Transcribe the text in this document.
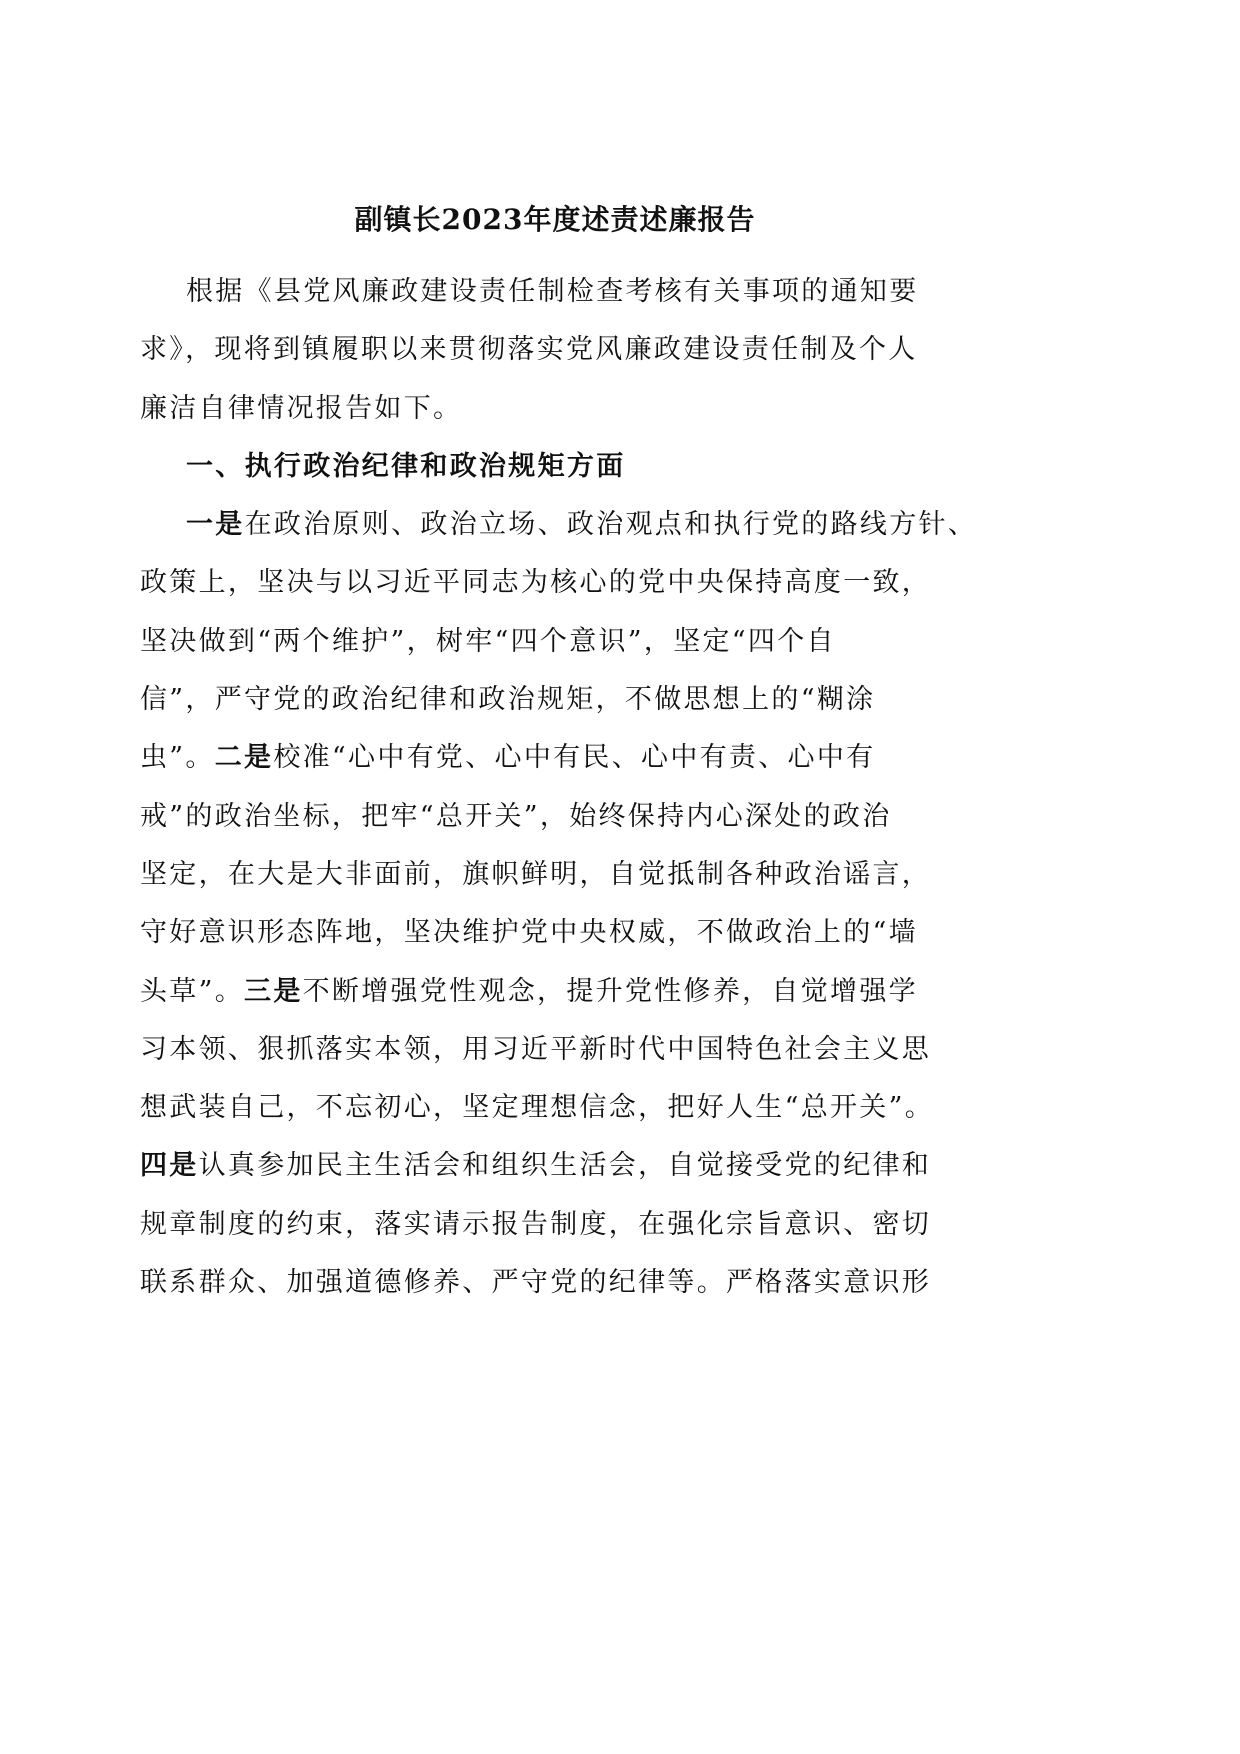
副镇长2023年度述责述廉报告
根据《县党风廉政建设责任制检查考核有关事项的通知要
求》，现将到镇履职以来贯彻落实党风廉政建设责任制及个人
廉洁自律情况报告如下。
一、执行政治纪律和政治规矩方面
一是在政治原则、政治立场、政治观点和执行党的路线方针、
政策上，坚决与以习近平同志为核心的党中央保持高度一致，
坚决做到“两个维护”，树牢“四个意识”，坚定“四个自
信”，严守党的政治纪律和政治规矩，不做思想上的“糊涂
虫”。二是校准“心中有党、心中有民、心中有责、心中有
戒”的政治坐标，把牢“总开关”，始终保持内心深处的政治
坚定，在大是大非面前，旗帜鲜明，自觉抵制各种政治谣言，
守好意识形态阵地，坚决维护党中央权威，不做政治上的“墙
头草”。三是不断增强党性观念，提升党性修养，自觉增强学
习本领、狠抓落实本领，用习近平新时代中国特色社会主义思
想武装自己，不忘初心，坚定理想信念，把好人生“总开关”。
四是认真参加民主生活会和组织生活会，自觉接受党的纪律和
规章制度的约束，落实请示报告制度，在强化宗旨意识、密切
联系群众、加强道德修养、严守党的纪律等。严格落实意识形
